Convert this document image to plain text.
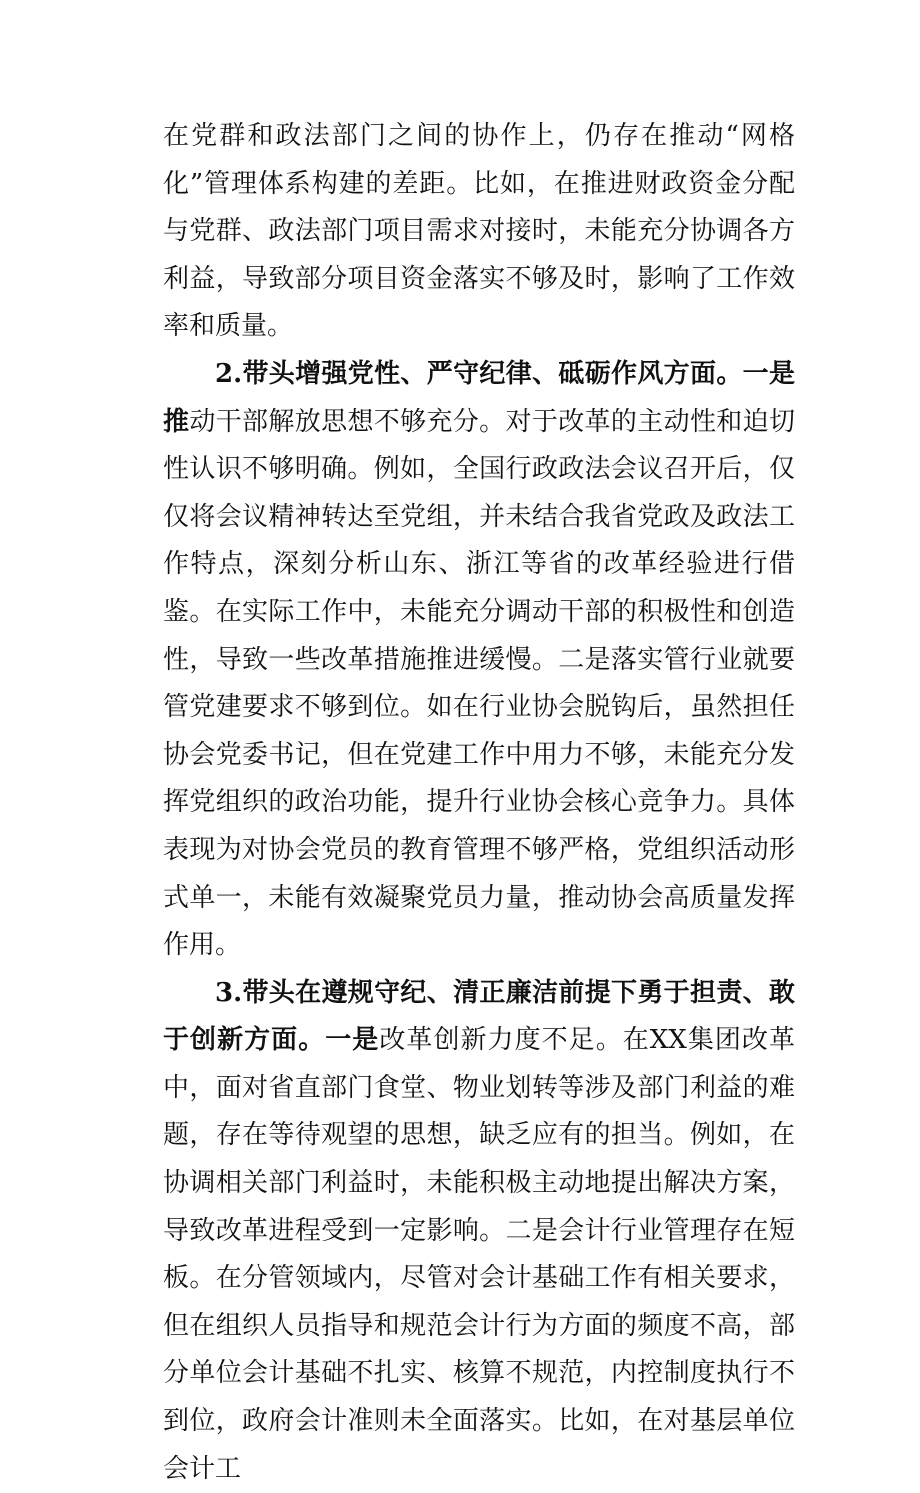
在党群和政法部门之间的协作上，仍存在推动“网格化”管理体系构建的差距。比如，在推进财政资金分配与党群、政法部门项目需求对接时，未能充分协调各方利益，导致部分项目资金落实不够及时，影响了工作效率和质量。

2.带头增强党性、严守纪律、砥砺作风方面。一是推动干部解放思想不够充分。对于改革的主动性和迫切性认识不够明确。例如，全国行政政法会议召开后，仅仅将会议精神转达至党组，并未结合我省党政及政法工作特点，深刻分析山东、浙江等省的改革经验进行借鉴。在实际工作中，未能充分调动干部的积极性和创造性，导致一些改革措施推进缓慢。二是落实管行业就要管党建要求不够到位。如在行业协会脱钩后，虽然担任协会党委书记，但在党建工作中用力不够，未能充分发挥党组织的政治功能，提升行业协会核心竞争力。具体表现为对协会党员的教育管理不够严格，党组织活动形式单一，未能有效凝聚党员力量，推动协会高质量发挥作用。

3.带头在遵规守纪、清正廉洁前提下勇于担责、敢于创新方面。一是改革创新力度不足。在XX集团改革中，面对省直部门食堂、物业划转等涉及部门利益的难题，存在等待观望的思想，缺乏应有的担当。例如，在协调相关部门利益时，未能积极主动地提出解决方案，导致改革进程受到一定影响。二是会计行业管理存在短板。在分管领域内，尽管对会计基础工作有相关要求，但在组织人员指导和规范会计行为方面的频度不高，部分单位会计基础不扎实、核算不规范，内控制度执行不到位，政府会计准则未全面落实。比如，在对基层单位会计工
